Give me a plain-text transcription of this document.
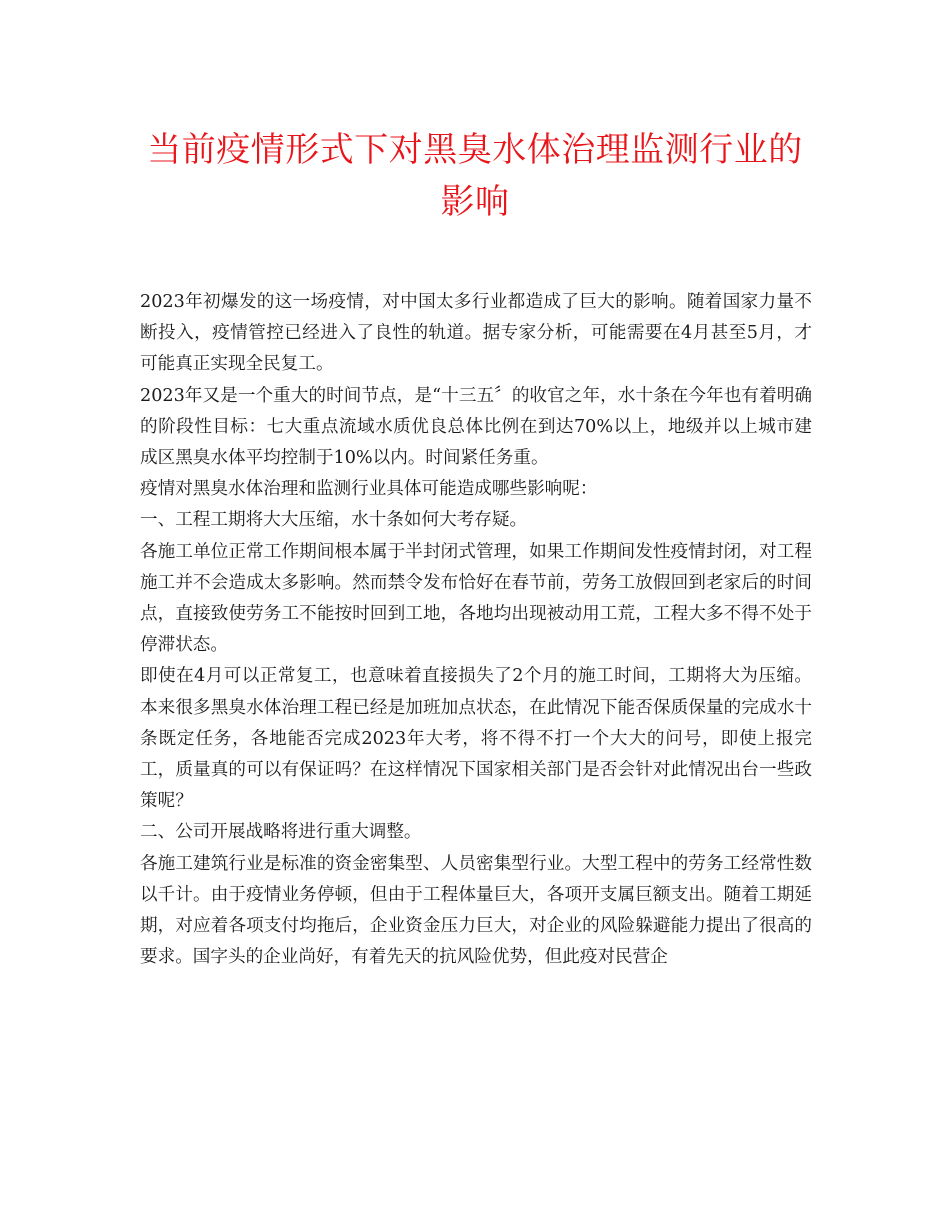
当前疫情形式下对黑臭水体治理监测行业的影响

2023年初爆发的这一场疫情，对中国太多行业都造成了巨大的影响。随着国家力量不断投入，疫情管控已经进入了良性的轨道。据专家分析，可能需要在4月甚至5月，才可能真正实现全民复工。

2023年又是一个重大的时间节点，是“十三五〞的收官之年，水十条在今年也有着明确的阶段性目标：七大重点流域水质优良总体比例在到达70%以上，地级并以上城市建成区黑臭水体平均控制于10%以内。时间紧任务重。

疫情对黑臭水体治理和监测行业具体可能造成哪些影响呢：

一、工程工期将大大压缩，水十条如何大考存疑。

各施工单位正常工作期间根本属于半封闭式管理，如果工作期间发性疫情封闭，对工程施工并不会造成太多影响。然而禁令发布恰好在春节前，劳务工放假回到老家后的时间点，直接致使劳务工不能按时回到工地，各地均出现被动用工荒，工程大多不得不处于停滞状态。

即使在4月可以正常复工，也意味着直接损失了2个月的施工时间，工期将大为压缩。本来很多黑臭水体治理工程已经是加班加点状态，在此情况下能否保质保量的完成水十条既定任务，各地能否完成2023年大考，将不得不打一个大大的问号，即使上报完工，质量真的可以有保证吗？在这样情况下国家相关部门是否会针对此情况出台一些政策呢？

二、公司开展战略将进行重大调整。

各施工建筑行业是标准的资金密集型、人员密集型行业。大型工程中的劳务工经常性数以千计。由于疫情业务停顿，但由于工程体量巨大，各项开支属巨额支出。随着工期延期，对应着各项支付均拖后，企业资金压力巨大，对企业的风险躲避能力提出了很高的要求。国字头的企业尚好，有着先天的抗风险优势，但此疫对民营企
